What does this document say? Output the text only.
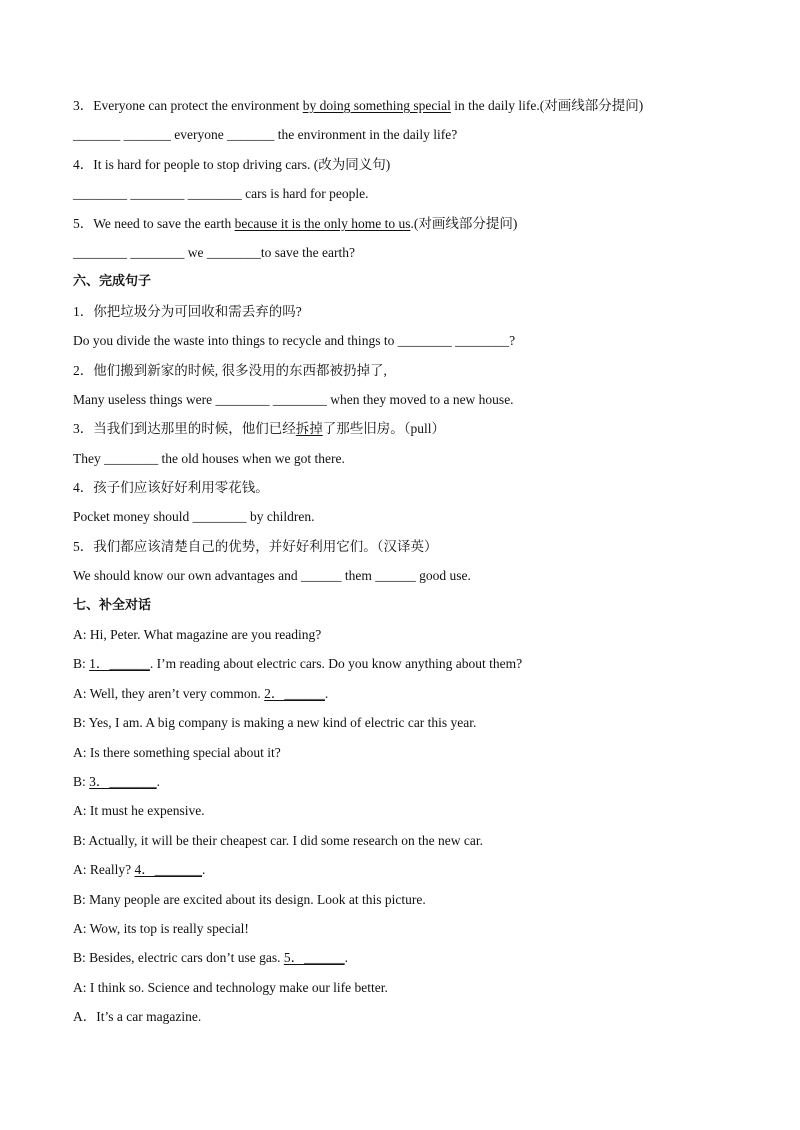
3．Everyone can protect the environment by doing something special in the daily life.(对画线部分提问)
_______ _______ everyone _______ the environment in the daily life?
4．It is hard for people to stop driving cars. (改为同义句)
________ ________ ________ cars is hard for people.
5．We need to save the earth because it is the only home to us.(对画线部分提问)
________ ________ we ________to save the earth?
六、完成句子
1．你把垃圾分为可回收和需丢弃的吗?
Do you divide the waste into things to recycle and things to ________ ________?
2．他们搬到新家的时候, 很多没用的东西都被扔掉了,
Many useless things were ________ ________ when they moved to a new house.
3．当我们到达那里的时候，他们已经拆掉了那些旧房。（pull）
They ________ the old houses when we got there.
4．孩子们应该好好利用零花钱。
Pocket money should ________ by children.
5．我们都应该清楚自己的优势，并好好利用它们。（汉译英）
We should know our own advantages and ______ them ______ good use.
七、补全对话
A: Hi, Peter. What magazine are you reading?
B: 1．______. I’m reading about electric cars. Do you know anything about them?
A: Well, they aren’t very common. 2．______.
B: Yes, I am. A big company is making a new kind of electric car this year.
A: Is there something special about it?
B: 3．_______.
A: It must he expensive.
B: Actually, it will be their cheapest car. I did some research on the new car.
A: Really? 4．_______.
B: Many people are excited about its design. Look at this picture.
A: Wow, its top is really special!
B: Besides, electric cars don’t use gas. 5．______.
A: I think so. Science and technology make our life better.
A．It’s a car magazine.
